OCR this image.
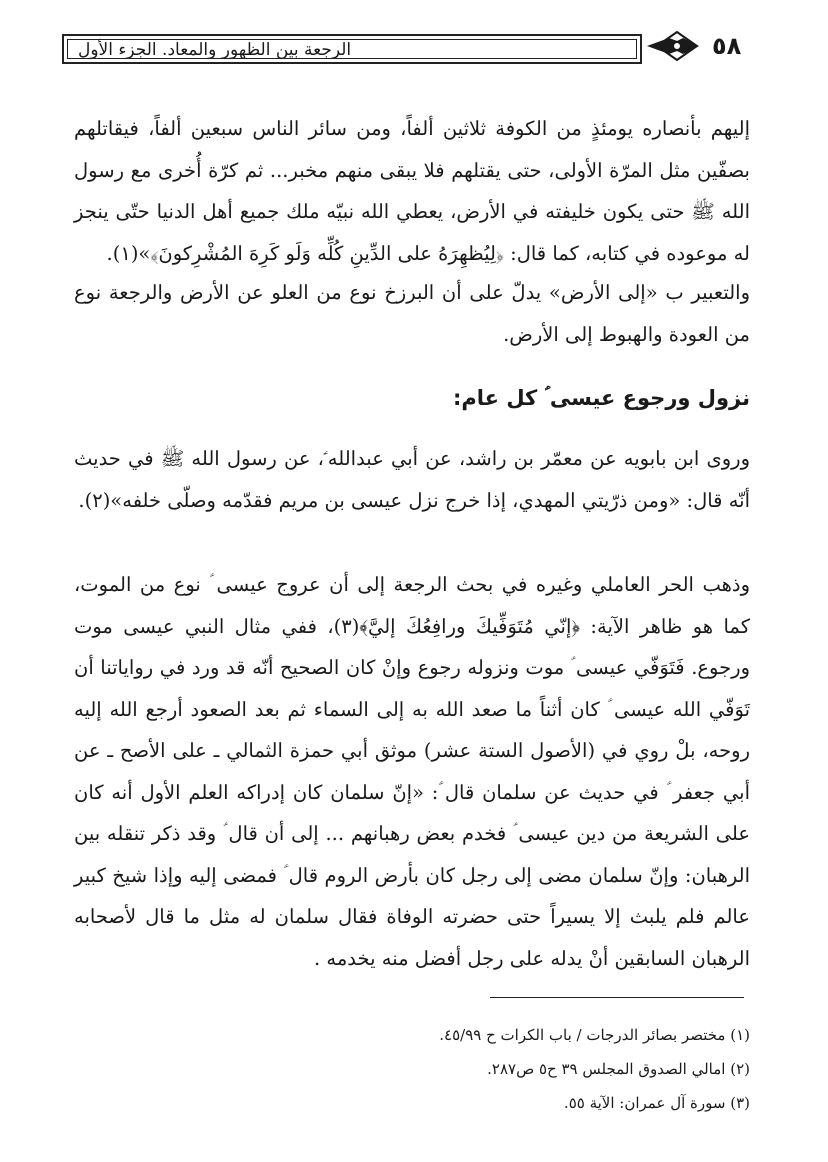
الرجعة بين الظهور والمعاد. الجزء الأول	٥٨

إليهم بأنصاره يومئذٍ من الكوفة ثلاثين ألفاً، ومن سائر الناس سبعين ألفاً، فيقاتلهم بصفّين مثل المرّة الأولى، حتى يقتلهم فلا يبقى منهم مخبر... ثم كرّة أُخرى مع رسول الله ﷺ حتى يكون خليفته في الأرض، يعطي الله نبيّه ملك جميع أهل الدنيا حتّى ينجز له موعوده في كتابه، كما قال: ﴿لِيُظهِرَهُ على الدِّينِ كُلِّه وَلَو كَرِهَ المُشْرِكونَ﴾»(١).

والتعبير ب «إلى الأرض» يدلّ على أن البرزخ نوع من العلو عن الأرض والرجعة نوع من العودة والهبوط إلى الأرض.

نزول ورجوع عيسى ؑ كل عام:

وروى ابن بابويه عن معمّر بن راشد، عن أبي عبدالله ؑ، عن رسول الله ﷺ في حديث أنّه قال: «ومن ذرّيتي المهدي، إذا خرج نزل عيسى بن مريم فقدّمه وصلّى خلفه»(٢).

وذهب الحر العاملي وغيره في بحث الرجعة إلى أن عروج عيسى ؑ نوع من الموت، كما هو ظاهر الآية: ﴿إنّي مُتَوَفِّيكَ ورافِعُكَ إليَّ﴾(٣)، ففي مثال النبي عيسى موت ورجوع. فَتَوَفّي عيسى ؑ موت ونزوله رجوع وإنْ كان الصحيح أنّه قد ورد في رواياتنا أن تَوَفّي الله عيسى ؑ كان أثناً ما صعد الله به إلى السماء ثم بعد الصعود أرجع الله إليه روحه، بلْ روي في (الأصول الستة عشر) موثق أبي حمزة الثمالي ـ على الأصح ـ عن أبي جعفر ؑ في حديث عن سلمان قال ؑ: «إنّ سلمان كان إدراكه العلم الأول أنه كان على الشريعة من دين عيسى ؑ فخدم بعض رهبانهم ... إلى أن قال ؑ وقد ذكر تنقله بين الرهبان: وإنّ سلمان مضى إلى رجل كان بأرض الروم قال ؑ فمضى إليه وإذا شيخ كبير عالم فلم يلبث إلا يسيراً حتى حضرته الوفاة فقال سلمان له مثل ما قال لأصحابه الرهبان السابقين أنْ يدله على رجل أفضل منه يخدمه .

(١) مختصر بصائر الدرجات / باب الكرات ح ٤٥/٩٩.
(٢) امالي الصدوق المجلس ٣٩ ح٥ ص٢٨٧.
(٣) سورة آل عمران: الآية ٥٥.
